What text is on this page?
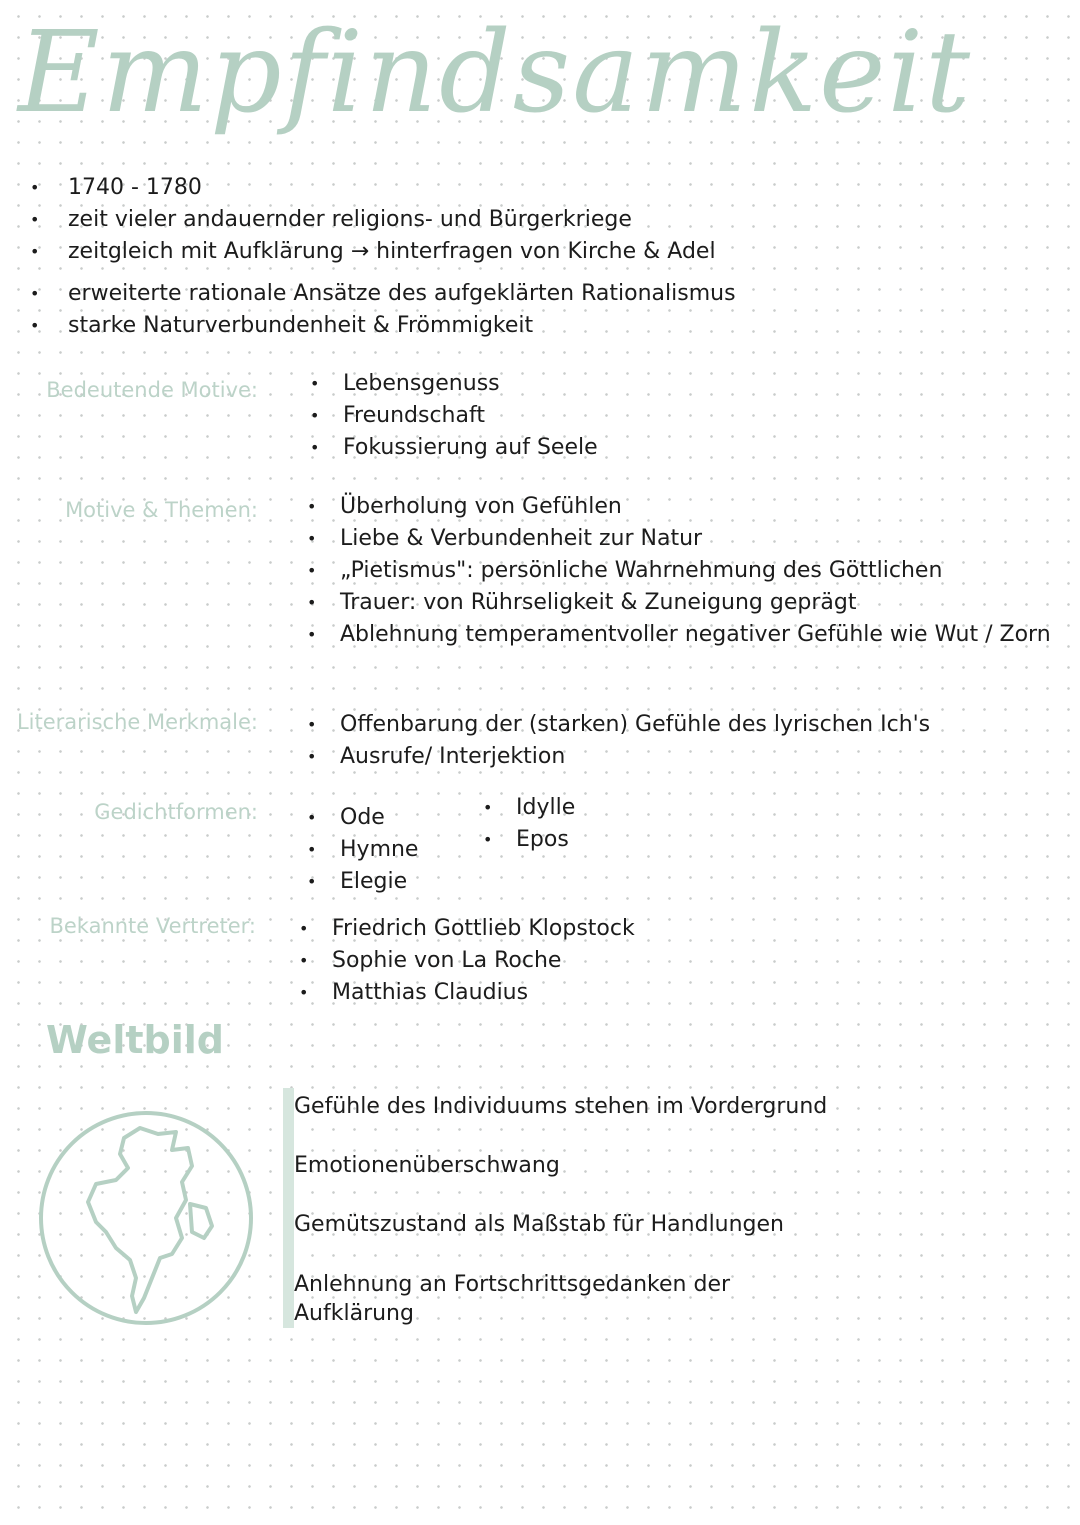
Empfindsamkeit
• 1740 - 1780
• zeit vieler andauernder religions- und Bürgerkriege
• zeitgleich mit Aufklärung → hinterfragen von Kirche & Adel
• erweiterte rationale Ansätze des aufgeklärten Rationalismus
• starke Naturverbundenheit & Frömmigkeit
Bedeutende Motive:	• Lebensgenuss
• Freundschaft
• Fokussierung auf Seele
Motive & Themen:	• Überholung von Gefühlen
• Liebe & Verbundenheit zur Natur
• „Pietismus": persönliche Wahrnehmung des Göttlichen
• Trauer: von Rührseligkeit & Zuneigung geprägt
• Ablehnung temperamentvoller negativer Gefühle wie Wut / Zorn
Literarische Merkmale:	• Offenbarung der (starken) Gefühle des lyrischen Ich's
• Ausrufe/ Interjektion
Gedichtformen:	• Ode
• Hymne
• Elegie
• Idylle
• Epos
Bekannte Vertreter:	• Friedrich Gottlieb Klopstock
• Sophie von La Roche
• Matthias Claudius
Weltbild
Gefühle des Individuums stehen im Vordergrund
Emotionenüberschwang
Gemütszustand als Maßstab für Handlungen
Anlehnung an Fortschrittsgedanken der
Aufklärung
